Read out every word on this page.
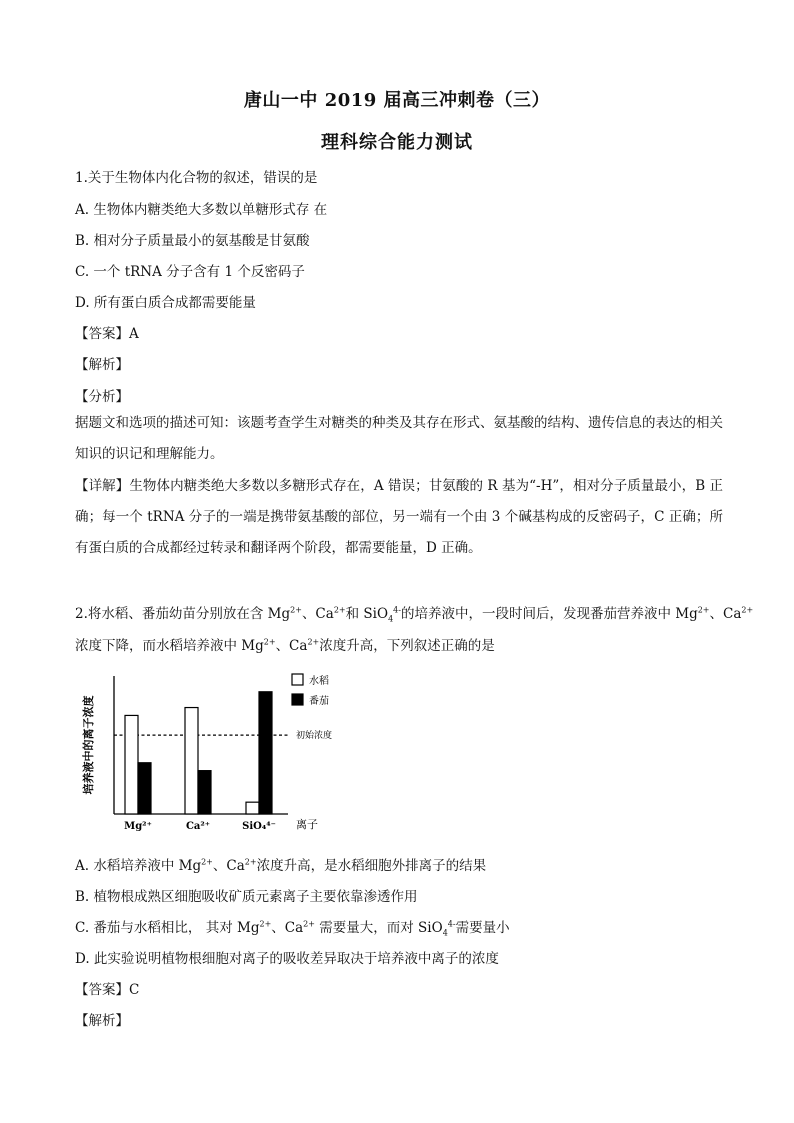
唐山一中 2019 届高三冲刺卷（三）
理科综合能力测试
1.关于生物体内化合物的叙述，错误的是
A. 生物体内糖类绝大多数以单糖形式存 在
B. 相对分子质量最小的氨基酸是甘氨酸
C. 一个 tRNA 分子含有 1 个反密码子
D. 所有蛋白质合成都需要能量
【答案】A
【解析】
【分析】
据题文和选项的描述可知：该题考查学生对糖类的种类及其存在形式、氨基酸的结构、遗传信息的表达的相关知识的识记和理解能力。
【详解】生物体内糖类绝大多数以多糖形式存在，A 错误；甘氨酸的 R 基为“-H”，相对分子质量最小，B 正确；每一个 tRNA 分子的一端是携带氨基酸的部位，另一端有一个由 3 个碱基构成的反密码子，C 正确；所有蛋白质的合成都经过转录和翻译两个阶段，都需要能量，D 正确。
2.将水稻、番茄幼苗分别放在含 $Mg^{2+}$、$Ca^{2+}$和 SiO$_4^{4-}$的培养液中，一段时间后，发现番茄营养液中 $Mg^{2+}$、$Ca^{2+}$
浓度下降，而水稻培养液中 $Mg^{2+}$、$Ca^{2+}$浓度升高，下列叙述正确的是
培养液中的离子浓度
离子
初始浓度
Mg²⁺	Ca²⁺	SiO₄⁴⁻
水稻
番茄
A. 水稻培养液中 $Mg^{2+}$、$Ca^{2+}$浓度升高，是水稻细胞外排离子的结果
B. 植物根成熟区细胞吸收矿质元素离子主要依靠渗透作用
C. 番茄与水稻相比， 其对 $Mg^{2+}$、$Ca^{2+}$ 需要量大，而对 SiO$_4^{4-}$需要量小
D. 此实验说明植物根细胞对离子的吸收差异取决于培养液中离子的浓度
【答案】C
【解析】
